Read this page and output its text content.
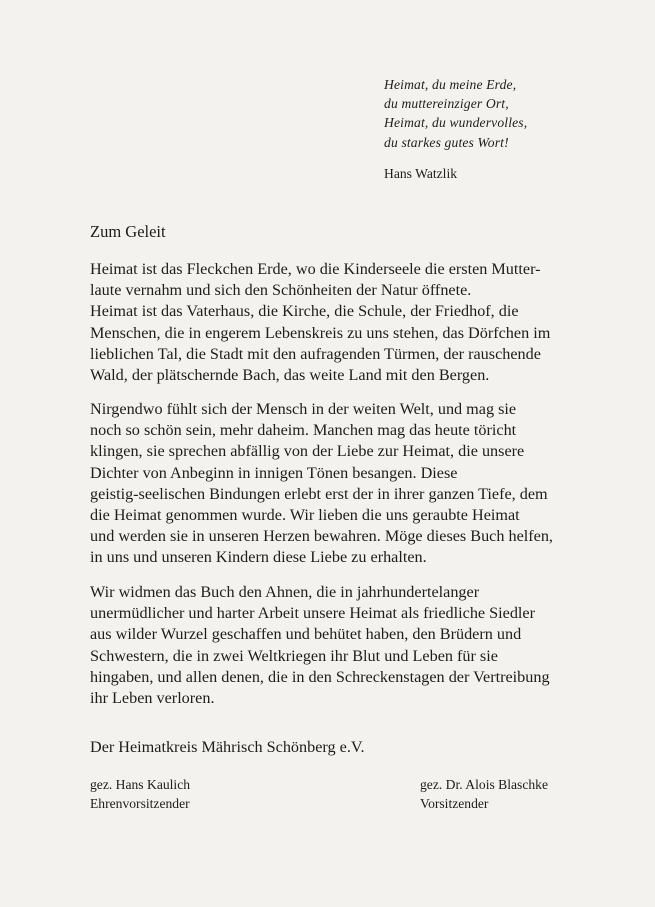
Heimat, du meine Erde,
du muttereinziger Ort,
Heimat, du wundervolles,
du starkes gutes Wort!
Hans Watzlik
Zum Geleit
Heimat ist das Fleckchen Erde, wo die Kinderseele die ersten Mutter-
laute vernahm und sich den Schönheiten der Natur öffnete.
Heimat ist das Vaterhaus, die Kirche, die Schule, der Friedhof, die
Menschen, die in engerem Lebenskreis zu uns stehen, das Dörfchen im
lieblichen Tal, die Stadt mit den aufragenden Türmen, der rauschende
Wald, der plätschernde Bach, das weite Land mit den Bergen.
Nirgendwo fühlt sich der Mensch in der weiten Welt, und mag sie
noch so schön sein, mehr daheim. Manchen mag das heute töricht
klingen, sie sprechen abfällig von der Liebe zur Heimat, die unsere
Dichter von Anbeginn in innigen Tönen besangen. Diese
geistig-seelischen Bindungen erlebt erst der in ihrer ganzen Tiefe, dem
die Heimat genommen wurde. Wir lieben die uns geraubte Heimat
und werden sie in unseren Herzen bewahren. Möge dieses Buch helfen,
in uns und unseren Kindern diese Liebe zu erhalten.
Wir widmen das Buch den Ahnen, die in jahrhundertelanger
unermüdlicher und harter Arbeit unsere Heimat als friedliche Siedler
aus wilder Wurzel geschaffen und behütet haben, den Brüdern und
Schwestern, die in zwei Weltkriegen ihr Blut und Leben für sie
hingaben, und allen denen, die in den Schreckenstagen der Vertreibung
ihr Leben verloren.
Der Heimatkreis Mährisch Schönberg e.V.
gez. Hans Kaulich
Ehrenvorsitzender
gez. Dr. Alois Blaschke
Vorsitzender
